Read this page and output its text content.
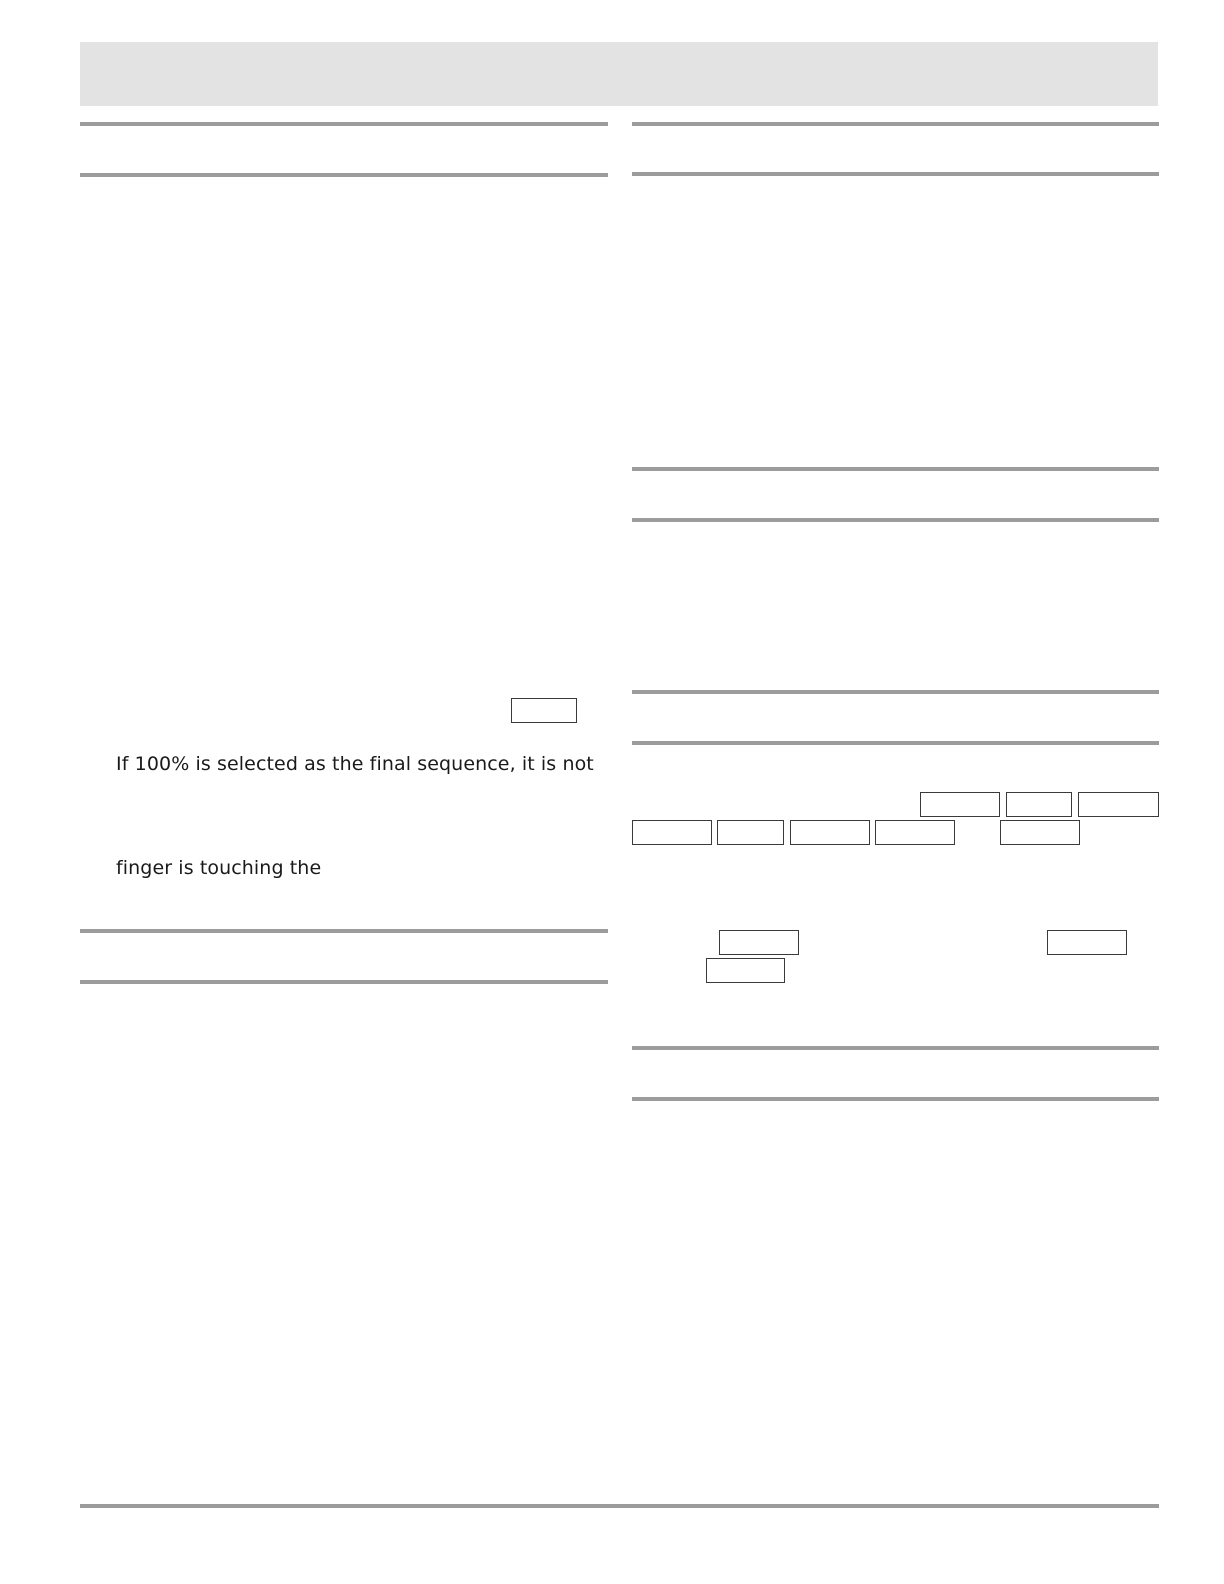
If 100% is selected as the final sequence, it is not
finger is touching the
